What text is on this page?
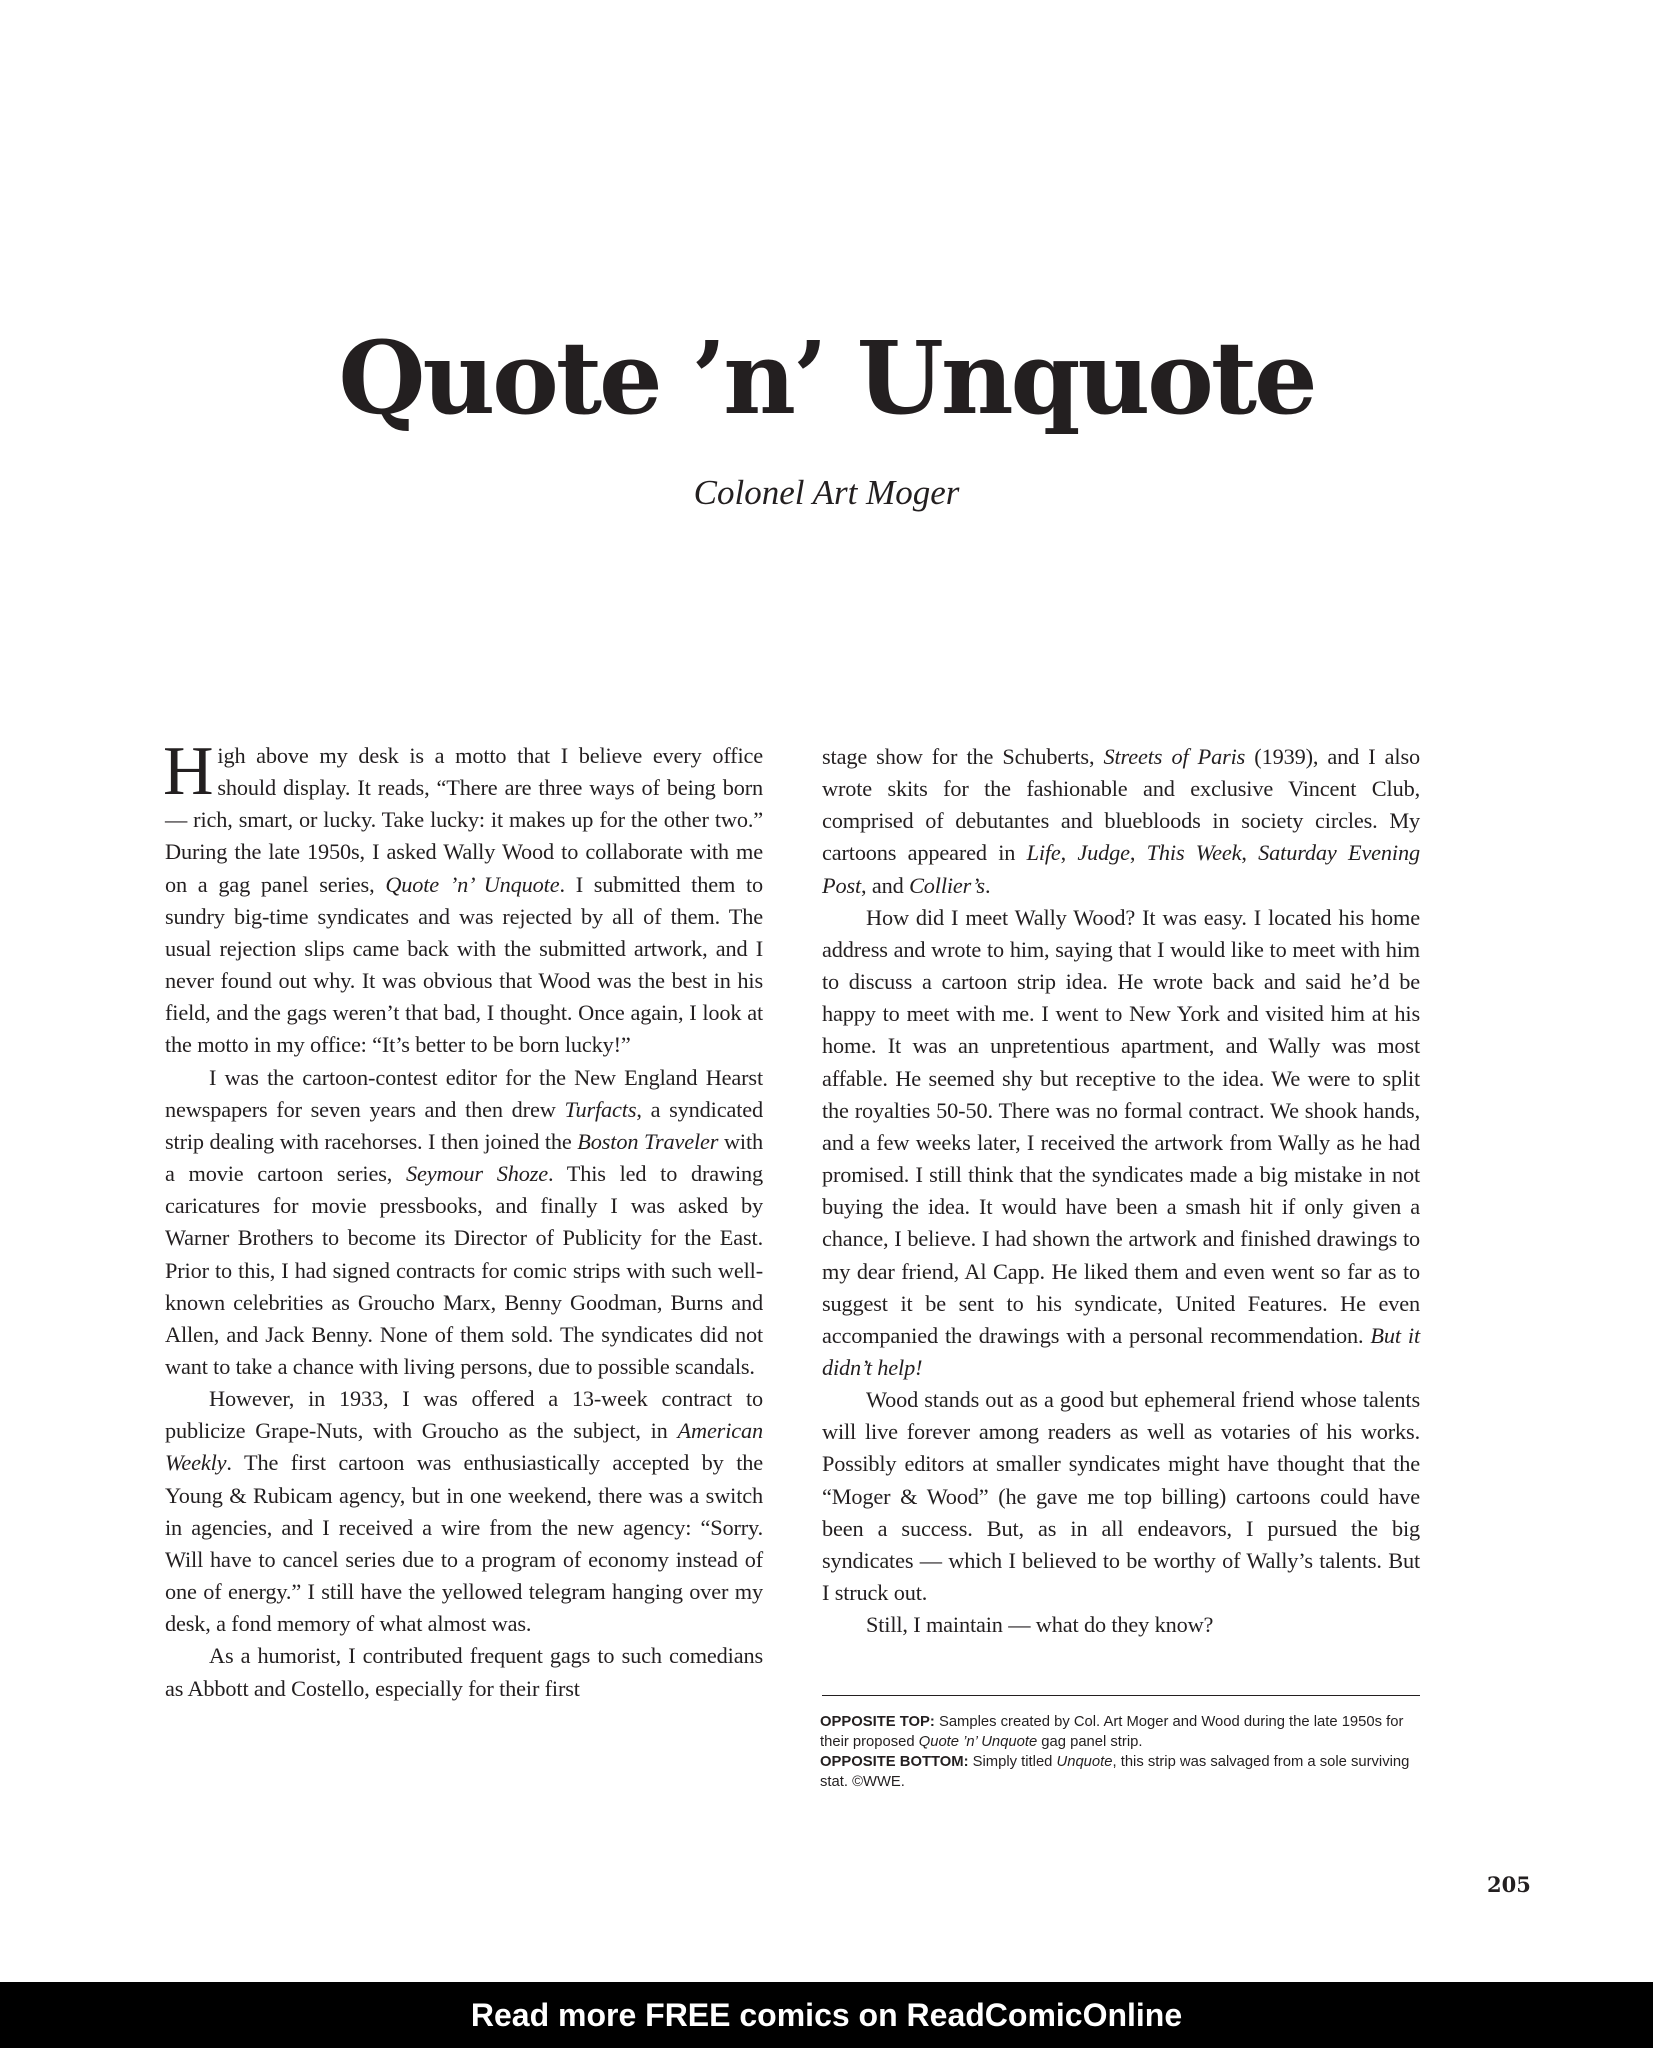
Quote ’n’ Unquote
Colonel Art Moger

High above my desk is a motto that I believe every office should display. It reads, “There are three ways of being born — rich, smart, or lucky. Take lucky: it makes up for the other two.” During the late 1950s, I asked Wally Wood to collaborate with me on a gag panel series, Quote ’n’ Unquote. I submitted them to sundry big-time syndicates and was rejected by all of them. The usual rejection slips came back with the submitted artwork, and I never found out why. It was obvious that Wood was the best in his field, and the gags weren’t that bad, I thought. Once again, I look at the motto in my office: “It’s better to be born lucky!”

I was the cartoon-contest editor for the New England Hearst newspapers for seven years and then drew Turfacts, a syndicated strip dealing with racehorses. I then joined the Boston Traveler with a movie cartoon series, Seymour Shoze. This led to drawing caricatures for movie pressbooks, and finally I was asked by Warner Brothers to become its Director of Publicity for the East. Prior to this, I had signed contracts for comic strips with such well-known celebrities as Groucho Marx, Benny Goodman, Burns and Allen, and Jack Benny. None of them sold. The syndicates did not want to take a chance with living persons, due to possible scandals.

However, in 1933, I was offered a 13-week contract to publicize Grape-Nuts, with Groucho as the subject, in American Weekly. The first cartoon was enthusiastically accepted by the Young & Rubicam agency, but in one weekend, there was a switch in agencies, and I received a wire from the new agency: “Sorry. Will have to cancel series due to a program of economy instead of one of energy.” I still have the yellowed telegram hanging over my desk, a fond memory of what almost was.

As a humorist, I contributed frequent gags to such comedians as Abbott and Costello, especially for their first

stage show for the Schuberts, Streets of Paris (1939), and I also wrote skits for the fashionable and exclusive Vincent Club, comprised of debutantes and bluebloods in society circles. My cartoons appeared in Life, Judge, This Week, Saturday Evening Post, and Collier’s.

How did I meet Wally Wood? It was easy. I located his home address and wrote to him, saying that I would like to meet with him to discuss a cartoon strip idea. He wrote back and said he’d be happy to meet with me. I went to New York and visited him at his home. It was an unpretentious apartment, and Wally was most affable. He seemed shy but receptive to the idea. We were to split the royalties 50-50. There was no formal contract. We shook hands, and a few weeks later, I received the artwork from Wally as he had promised. I still think that the syndicates made a big mistake in not buying the idea. It would have been a smash hit if only given a chance, I believe. I had shown the artwork and finished drawings to my dear friend, Al Capp. He liked them and even went so far as to suggest it be sent to his syndicate, United Features. He even accompanied the drawings with a personal recommendation. But it didn’t help!

Wood stands out as a good but ephemeral friend whose talents will live forever among readers as well as votaries of his works. Possibly editors at smaller syndicates might have thought that the “Moger & Wood” (he gave me top billing) cartoons could have been a success. But, as in all endeavors, I pursued the big syndicates — which I believed to be worthy of Wally’s talents. But I struck out.

Still, I maintain — what do they know?

OPPOSITE TOP: Samples created by Col. Art Moger and Wood during the late 1950s for their proposed Quote ’n’ Unquote gag panel strip.

OPPOSITE BOTTOM: Simply titled Unquote, this strip was salvaged from a sole surviving stat. ©WWE.

205
Read more FREE comics on ReadComicOnline
